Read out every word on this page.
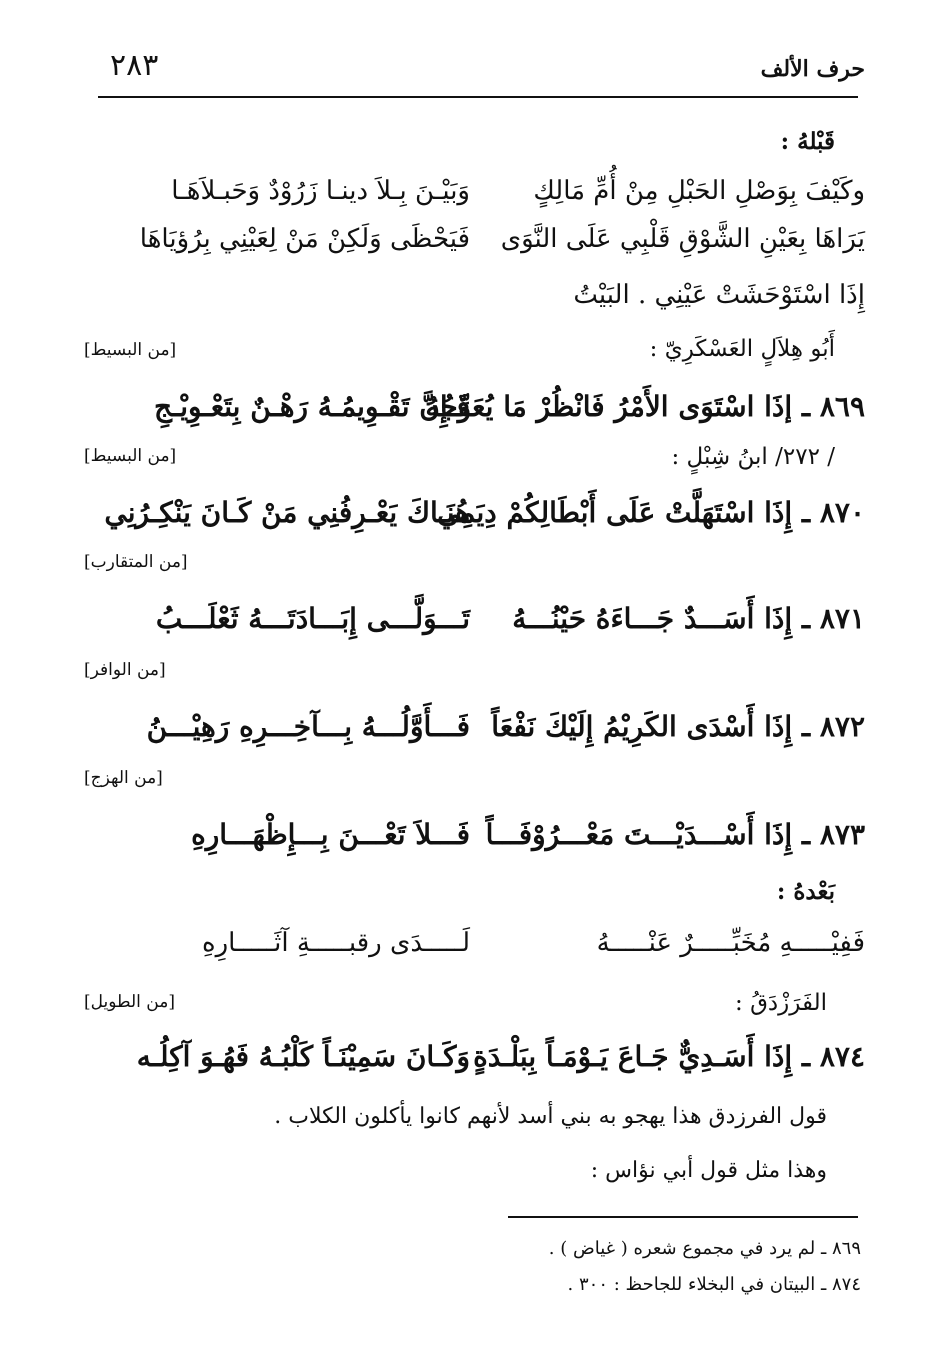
٢٨٣	حرف الألف
قَبْلهُ :
وكَيْفَ بِوَصْلِ الحَبْلِ مِنْ أُمِّ مَالِكٍ
وَبَيْـنَ بِـلاَ دينـا زَرُوْدٌ وَحَبـلاَهَـا
يَرَاهَا بِعَيْنِ الشَّوْقِ قَلْبِي عَلَى النَّوَى
فَيَحْظَى وَلَكِنْ مَنْ لِعَيْنِي بِرُؤيَاهَا
إِذَا اسْتَوْحَشَتْ عَيْنِي . البَيْتُ
أَبُو هِلاَلٍ العَسْكَرِيّ :
[من البسيط]
٨٦٩ ـ إذَا اسْتَوَى الأَمْرُ فَانْظُرْ مَا يُعَوِّجُهُ
فَـإِنَّ تَقْـوِيمُـهُ رَهْـنٌ بِتَعْـوِيْـجِ
/ ٢٧٢/ ابنُ شِبْلٍ :
[من البسيط]
٨٧٠ ـ إِذَا اسْتَهَلَّتْ عَلَى أَبْطَالِكُمْ دِيَمِي
هُنَـاكَ يَعْـرِفُنِي مَنْ كَـانَ يَنْكِـرُنِي
[من المتقارب]
٨٧١ ـ إِذَا أَسَـــدٌ جَـــاءَهُ حَيْنُـــهُ
تَـــوَلَّـــى إِبَـــادَتَـــهُ ثَعْلَـــبُ
[من الوافر]
٨٧٢ ـ إِذَا أَسْدَى الكَرِيْمُ إِلَيْكَ نَفْعَاً
فَـــأَوَّلُـــهُ بِـــآخِـــرِهِ رَهِيْـــنُ
[من الهزج]
٨٧٣ ـ إِذَا أَسْـــدَيْـــتَ مَعْـــرُوْفَـــاً
فَـــلاَ تَعْـــنَ بِـــإِظْهَـــارِهِ
بَعْدهُ :
فَفِيْـــــهِ مُخَبِّـــــرٌ عَنْـــــهُ
لَـــــدَى رقبـــــةِ آثَـــــارِهِ
الفَرَزْدَقُ :
[من الطويل]
٨٧٤ ـ إِذَا أَسَـدِيٌّ جَـاعَ يَـوْمَـاً بِبَلْـدَةٍ
وَكَـانَ سَمِيْنَـاً كَلْبُـهُ فَهُـوَ آكِلُـه
قول الفرزدق هذا يهجو به بني أسد لأنهم كانوا يأكلون الكلاب .
وهذا مثل قول أبي نؤاس :
٨٦٩ ـ لم يرد في مجموع شعره ( غياض ) .
٨٧٤ ـ البيتان في البخلاء للجاحظ : ٣٠٠ .
